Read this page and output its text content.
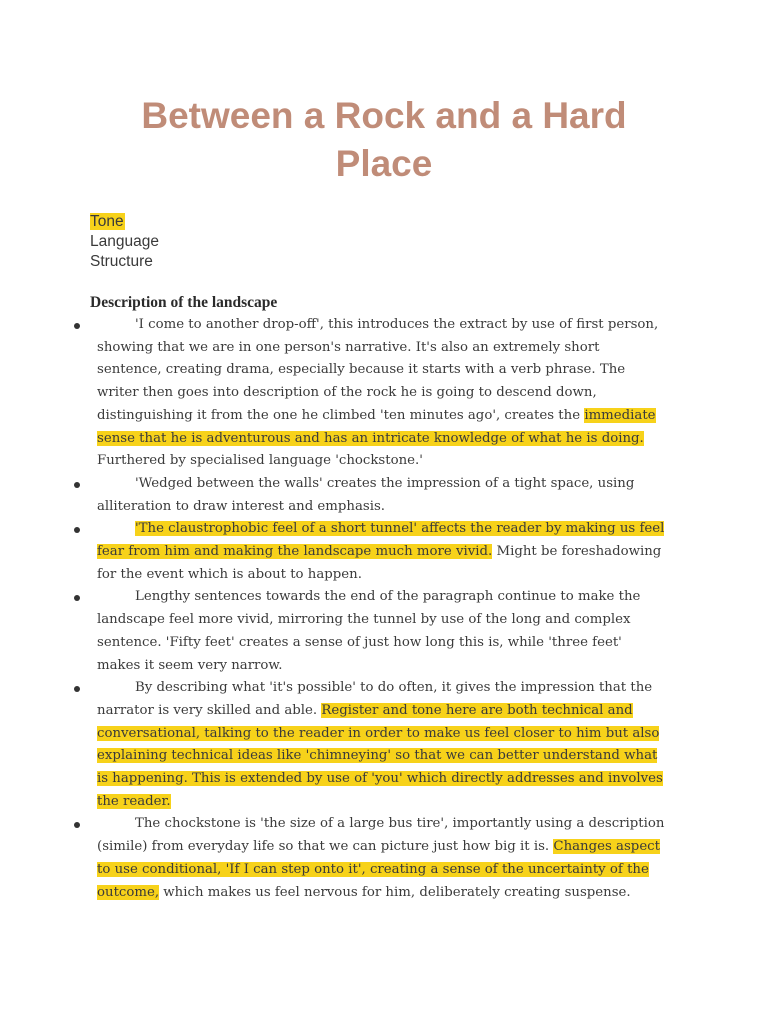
Between a Rock and a Hard Place
Tone
Language
Structure
Description of the landscape
'I come to another drop-off', this introduces the extract by use of first person, showing that we are in one person's narrative. It's also an extremely short sentence, creating drama, especially because it starts with a verb phrase. The writer then goes into description of the rock he is going to descend down, distinguishing it from the one he climbed 'ten minutes ago', creates the immediate sense that he is adventurous and has an intricate knowledge of what he is doing. Furthered by specialised language 'chockstone.'
'Wedged between the walls' creates the impression of a tight space, using alliteration to draw interest and emphasis.
'The claustrophobic feel of a short tunnel' affects the reader by making us feel fear from him and making the landscape much more vivid. Might be foreshadowing for the event which is about to happen.
Lengthy sentences towards the end of the paragraph continue to make the landscape feel more vivid, mirroring the tunnel by use of the long and complex sentence. 'Fifty feet' creates a sense of just how long this is, while 'three feet' makes it seem very narrow.
By describing what 'it's possible' to do often, it gives the impression that the narrator is very skilled and able. Register and tone here are both technical and conversational, talking to the reader in order to make us feel closer to him but also explaining technical ideas like 'chimneying' so that we can better understand what is happening. This is extended by use of 'you' which directly addresses and involves the reader.
The chockstone is 'the size of a large bus tire', importantly using a description (simile) from everyday life so that we can picture just how big it is. Changes aspect to use conditional, 'If I can step onto it', creating a sense of the uncertainty of the outcome, which makes us feel nervous for him, deliberately creating suspense.
